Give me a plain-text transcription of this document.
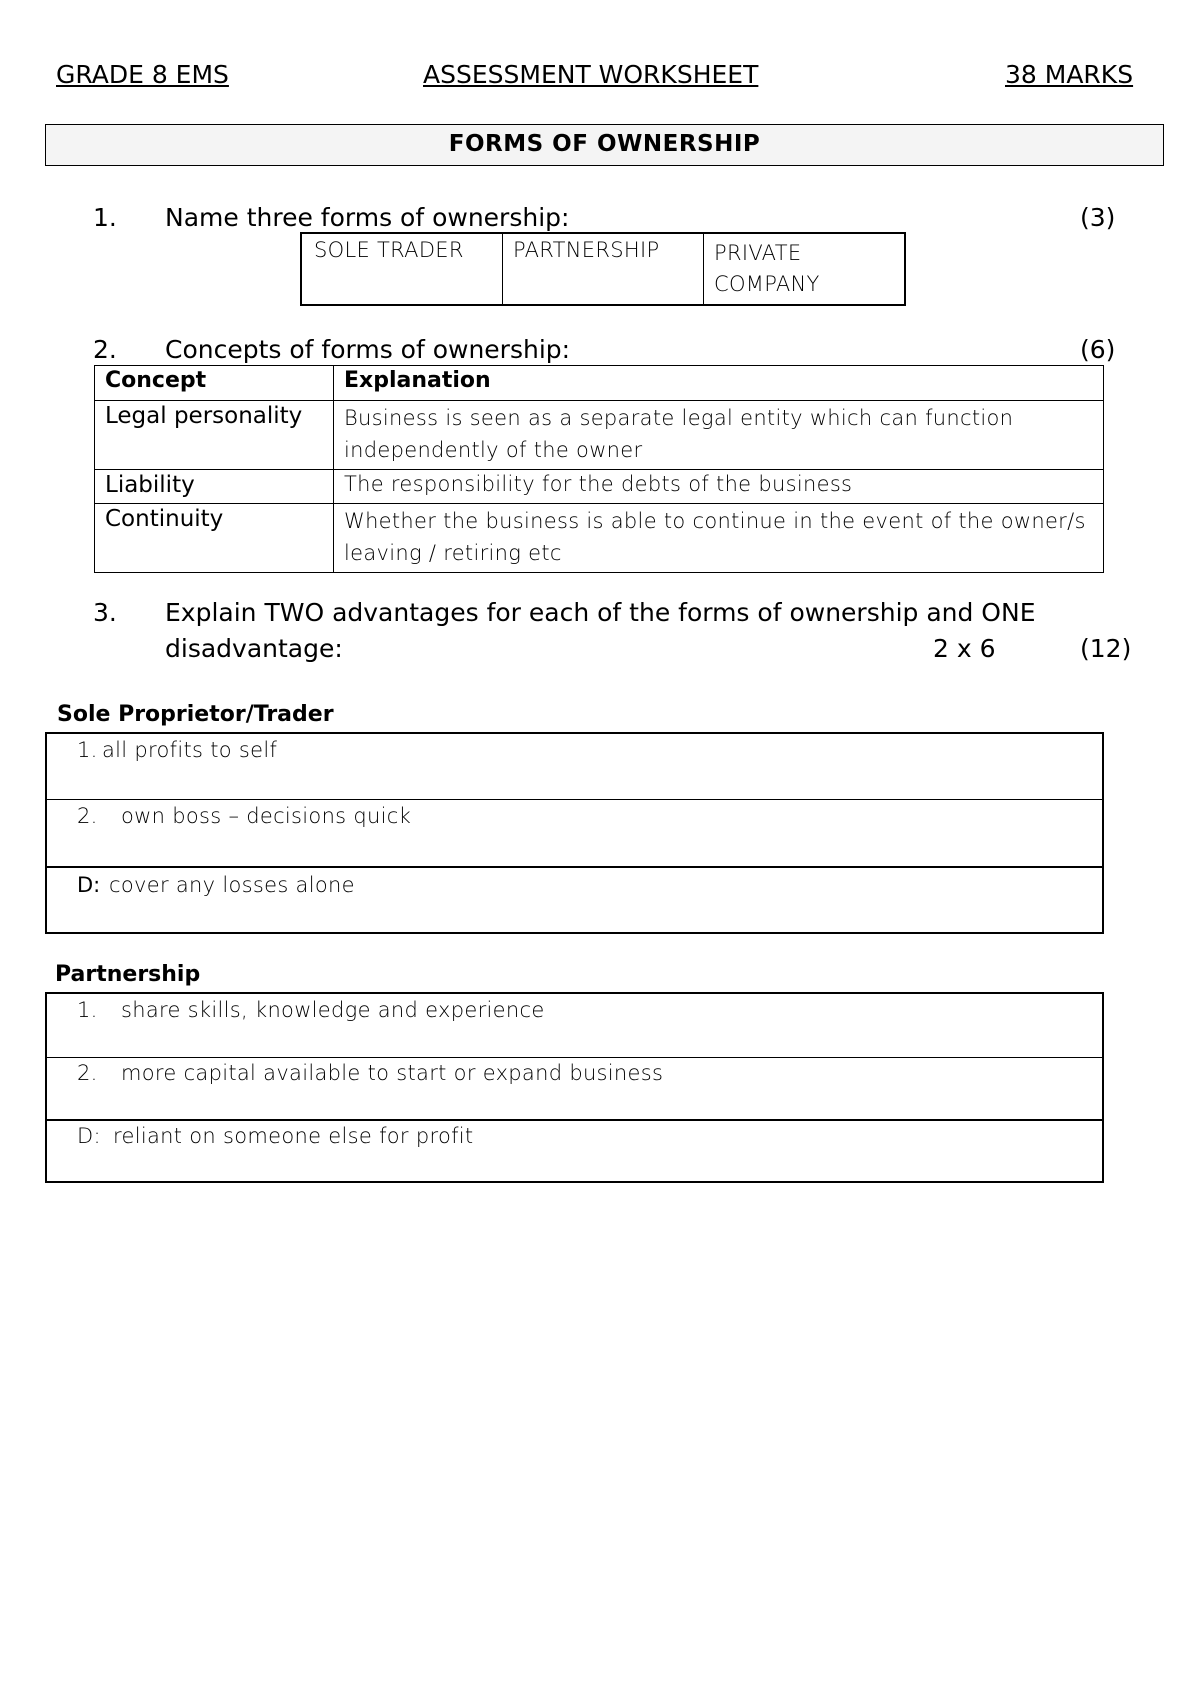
GRADE 8 EMS	ASSESSMENT WORKSHEET	38 MARKS
FORMS OF OWNERSHIP
1. Name three forms of ownership:	(3)
SOLE TRADER	PARTNERSHIP	PRIVATE COMPANY
2. Concepts of forms of ownership:	(6)
Concept	Explanation
Legal personality	Business is seen as a separate legal entity which can function independently of the owner
Liability	The responsibility for the debts of the business
Continuity	Whether the business is able to continue in the event of the owner/s leaving / retiring etc
3. Explain TWO advantages for each of the forms of ownership and ONE
disadvantage:	2 x 6	(12)
Sole Proprietor/Trader
1. all profits to self
2. own boss – decisions quick
D: cover any losses alone
Partnership
1. share skills, knowledge and experience
2. more capital available to start or expand business
D: reliant on someone else for profit
